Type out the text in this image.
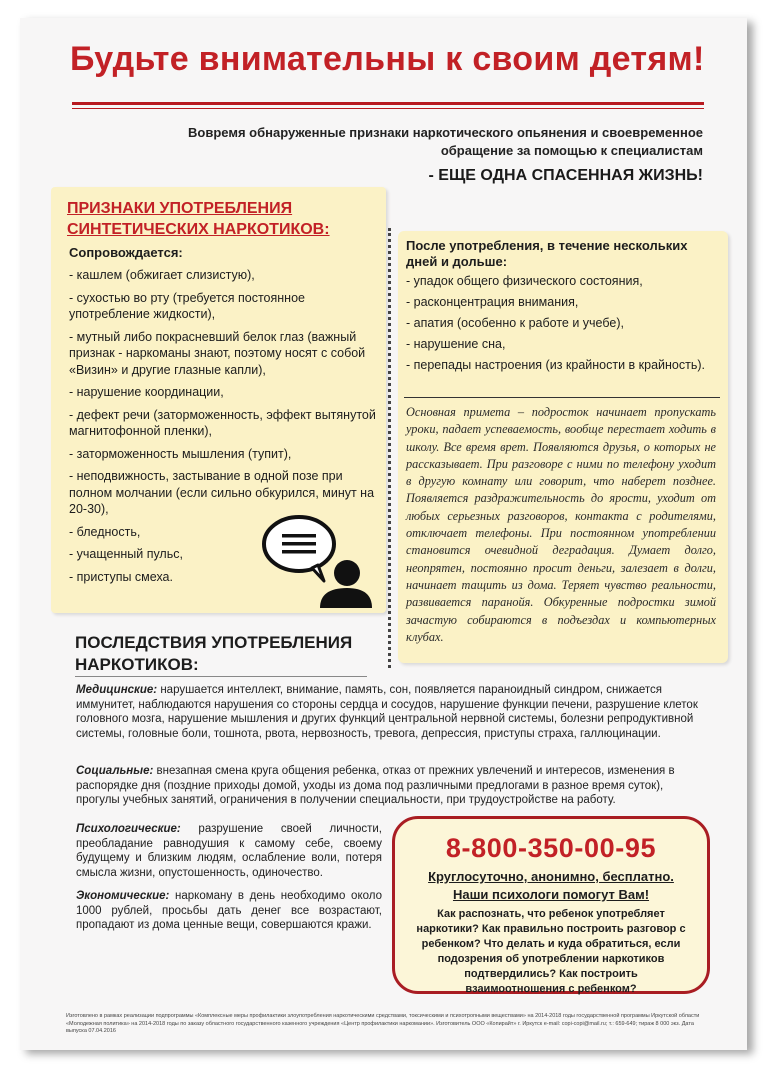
Будьте внимательны к своим детям!
Вовремя обнаруженные признаки наркотического опьянения и своевременное
обращение за помощью к специалистам
- ЕЩЕ ОДНА СПАСЕННАЯ ЖИЗНЬ!
ПРИЗНАКИ УПОТРЕБЛЕНИЯ
СИНТЕТИЧЕСКИХ НАРКОТИКОВ:
Сопровождается:
- кашлем (обжигает слизистую),
- сухостью во рту (требуется постоянное употребление жидкости),
- мутный либо покрасневший белок глаз (важный признак - наркоманы знают, поэтому носят с собой «Визин» и другие глазные капли),
- нарушение координации,
- дефект речи (заторможенность, эффект вытянутой магнитофонной пленки),
- заторможенность мышления (тупит),
- неподвижность, застывание в одной позе при полном молчании (если сильно обкурился, минут на 20-30),
- бледность,
- учащенный пульс,
- приступы смеха.
После употребления, в течение нескольких дней и дольше:
- упадок общего физического состояния,
- расконцентрация внимания,
- апатия (особенно к работе и учебе),
- нарушение сна,
- перепады настроения (из крайности в крайность).

Основная примета – подросток начинает пропускать уроки, падает успеваемость, вообще перестает ходить в школу. Все время врет. Появляются друзья, о которых не рассказывает. При разговоре с ними по телефону уходит в другую комнату или говорит, что наберет позднее. Появляется раздражительность до ярости, уходит от любых серьезных разговоров, контакта с родителями, отключает телефоны. При постоянном употреблении становится очевидной деградация. Думает долго, неопрятен, постоянно просит деньги, залезает в долги, начинает тащить из дома. Теряет чувство реальности, развивается паранойя. Обкуренные подростки зимой зачастую собираются в подъездах и компьютерных клубах.

ПОСЛЕДСТВИЯ УПОТРЕБЛЕНИЯ
НАРКОТИКОВ:

Медицинские: нарушается интеллект, внимание, память, сон, появляется параноидный синдром, снижается иммунитет, наблюдаются нарушения со стороны сердца и сосудов, нарушение функции печени, разрушение клеток головного мозга, нарушение мышления и других функций центральной нервной системы, болезни репродуктивной системы, головные боли, тошнота, рвота, нервозность, тревога, депрессия, приступы страха, галлюцинации.

Социальные: внезапная смена круга общения ребенка, отказ от прежних увлечений и интересов, изменения в распорядке дня (поздние приходы домой, уходы из дома под различными предлогами в разное время суток), прогулы учебных занятий, ограничения в получении специальности, при трудоустройстве на работу.

Психологические: разрушение своей личности, преобладание равнодушия к самому себе, своему будущему и близким людям, ослабление воли, потеря смысла жизни, опустошенность, одиночество.

Экономические: наркоману в день необходимо около 1000 рублей, просьбы дать денег все возрастают, пропадают из дома ценные вещи, совершаются кражи.

8-800-350-00-95
Круглосуточно, анонимно, бесплатно.
Наши психологи помогут Вам!
Как распознать, что ребенок употребляет наркотики? Как правильно построить разговор с ребенком? Что делать и куда обратиться, если подозрения об употреблении наркотиков подтвердились? Как построить взаимоотношения с ребенком?

Изготовлено в рамках реализации подпрограммы «Комплексные меры профилактики злоупотребления наркотическими средствами, токсическими и психотропными веществами» на 2014-2018 годы государственной программы Иркутской области «Молодежная политика» на 2014-2018 годы по заказу областного государственного казенного учреждения «Центр профилактики наркомании». Изготовитель ООО «Копирайт» г. Иркутск e-mail: copi-copi@mail.ru; т.: 659-649; тираж 8 000 экз. Дата выпуска 07.04.2016
